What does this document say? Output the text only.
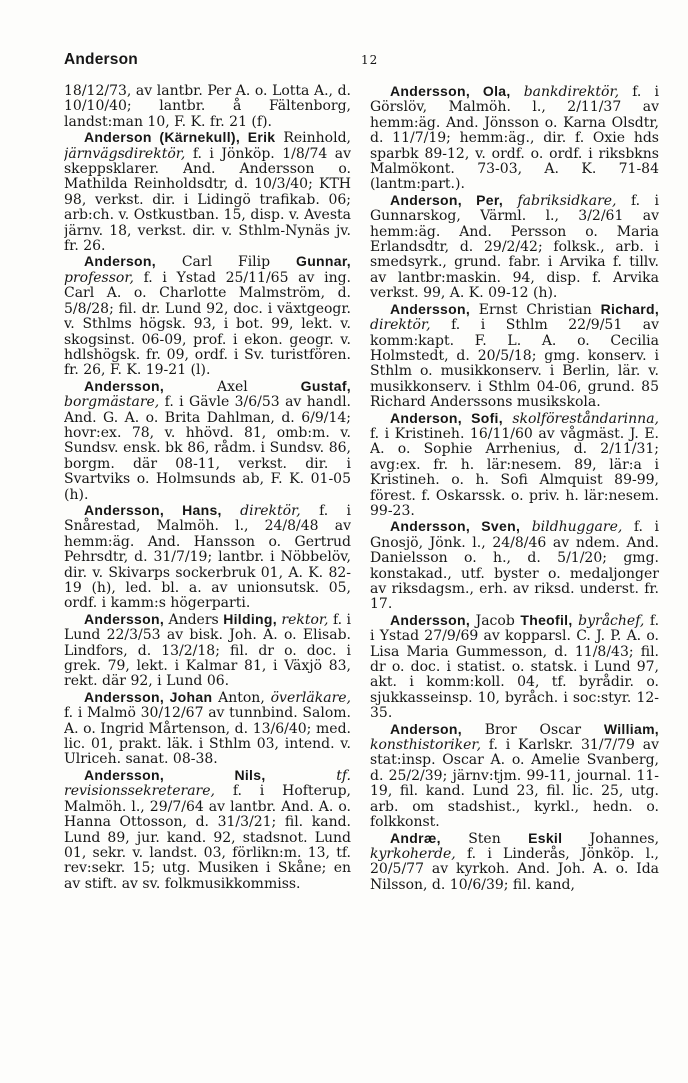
Anderson	12

18/12/73, av lantbr. Per A. o. Lotta A., d. 10/10/40; lantbr. å Fältenborg, landst:man 10, F. K. fr. 21 (f).

Anderson (Kärnekull), Erik Reinhold, järnvägsdirektör, f. i Jönköp. 1/8/74 av skeppsklarer. And. Andersson o. Mathilda Reinholdsdtr, d. 10/3/40; KTH 98, verkst. dir. i Lidingö trafikab. 06; arb:ch. v. Ostkustban. 15, disp. v. Avesta järnv. 18, verkst. dir. v. Sthlm-Nynäs jv. fr. 26.

Anderson, Carl Filip Gunnar, professor, f. i Ystad 25/11/65 av ing. Carl A. o. Charlotte Malmström, d. 5/8/28; fil. dr. Lund 92, doc. i växtgeogr. v. Sthlms högsk. 93, i bot. 99, lekt. v. skogsinst. 06-09, prof. i ekon. geogr. v. hdlshögsk. fr. 09, ordf. i Sv. turistfören. fr. 26, F. K. 19-21 (l).

Andersson,	Axel	Gustaf, borgmästare, f. i Gävle 3/6/53 av handl. And. G. A. o. Brita Dahlman, d. 6/9/14; hovr:ex. 78, v. hhövd. 81, omb:m. v. Sundsv. ensk. bk 86, rådm. i Sundsv. 86, borgm. där 08-11, verkst. dir. i Svartviks o. Holmsunds ab, F. K. 01-05 (h).

Andersson, Hans, direktör, f. i Snårestad, Malmöh. l., 24/8/48 av hemm:äg. And. Hansson o. Gertrud Pehrsdtr, d. 31/7/19; lantbr. i Nöbbelöv, dir. v. Skivarps sockerbruk 01, A. K. 82-19 (h), led. bl. a. av unionsutsk. 05, ordf. i kamm:s högerparti.

Andersson, Anders Hilding, rektor, f. i Lund 22/3/53 av bisk. Joh. A. o. Elisab. Lindfors, d. 13/2/18; fil. dr o. doc. i grek. 79, lekt. i Kalmar 81, i Växjö 83, rekt. där 92, i Lund 06.

Andersson, Johan Anton, överläkare, f. i Malmö 30/12/67 av tunnbind. Salom. A. o. Ingrid Mårtenson, d. 13/6/40; med. lic. 01, prakt. läk. i Sthlm 03, intend. v. Ulriceh. sanat. 08-38.

Andersson, Nils,	tf. revisionssekreterare, f. i Hofterup, Malmöh. l., 29/7/64 av lantbr. And. A. o. Hanna Ottosson, d. 31/3/21; fil. kand. Lund 89, jur. kand. 92, stadsnot. Lund 01, sekr. v. landst. 03, förlikn:m. 13, tf. rev:sekr. 15; utg. Musiken i Skåne; en av stift. av sv. folkmusikkommiss.

Andersson, Ola, bankdirektör, f. i Görslöv, Malmöh. l., 2/11/37 av hemm:äg. And. Jönsson o. Karna Olsdtr, d. 11/7/19; hemm:äg., dir. f. Oxie hds sparbk 89-12, v. ordf. o. ordf. i riksbkns Malmökont. 73-03, A. K. 71-84 (lantm:part.).

Anderson, Per, fabriksidkare, f. i Gunnarskog, Värml. l., 3/2/61 av hemm:äg. And. Persson o. Maria Erlandsdtr, d. 29/2/42; folksk., arb. i smedsyrk., grund. fabr. i Arvika f. tillv. av lantbr:maskin. 94, disp. f. Arvika verkst. 99, A. K. 09-12 (h).

Andersson, Ernst Christian Richard, direktör, f. i Sthlm 22/9/51 av komm:kapt. F. L. A. o. Cecilia Holmstedt, d. 20/5/18; gmg. konserv. i Sthlm o. musikkonserv. i Berlin, lär. v. musikkonserv. i Sthlm 04-06, grund. 85 Richard Anderssons musikskola.

Anderson, Sofi, skolföreståndarinna, f. i Kristineh. 16/11/60 av vågmäst. J. E. A. o. Sophie Arrhenius, d. 2/11/31; avg:ex. fr. h. lär:nesem. 89, lär:a i Kristineh. o. h. Sofi Almquist 89-99, förest. f. Oskarssk. o. priv. h. lär:nesem. 99-23.

Andersson, Sven, bildhuggare, f. i Gnosjö, Jönk. l., 24/8/46 av ndem. And. Danielsson o. h., d. 5/1/20; gmg. konstakad., utf. byster o. medaljonger av riksdagsm., erh. av riksd. underst. fr. 17.

Andersson, Jacob Theofil, byråchef, f. i Ystad 27/9/69 av kopparsl. C. J. P. A. o. Lisa Maria Gummesson, d. 11/8/43; fil. dr o. doc. i statist. o. statsk. i Lund 97, akt. i komm:koll. 04, tf. byrådir. o. sjukkasseinsp. 10, byråch. i soc:styr. 12-35.

Anderson, Bror Oscar William, konsthistoriker, f. i Karlskr. 31/7/79 av stat:insp. Oscar A. o. Amelie Svanberg, d. 25/2/39; järnv:tjm. 99-11, journal. 11-19, fil. kand. Lund 23, fil. lic. 25, utg. arb. om stadshist., kyrkl., hedn. o. folkkonst.

Andræ, Sten Eskil Johannes, kyrkoherde, f. i Linderås, Jönköp. l., 20/5/77 av kyrkoh. And. Joh. A. o. Ida Nilsson, d. 10/6/39; fil. kand,
